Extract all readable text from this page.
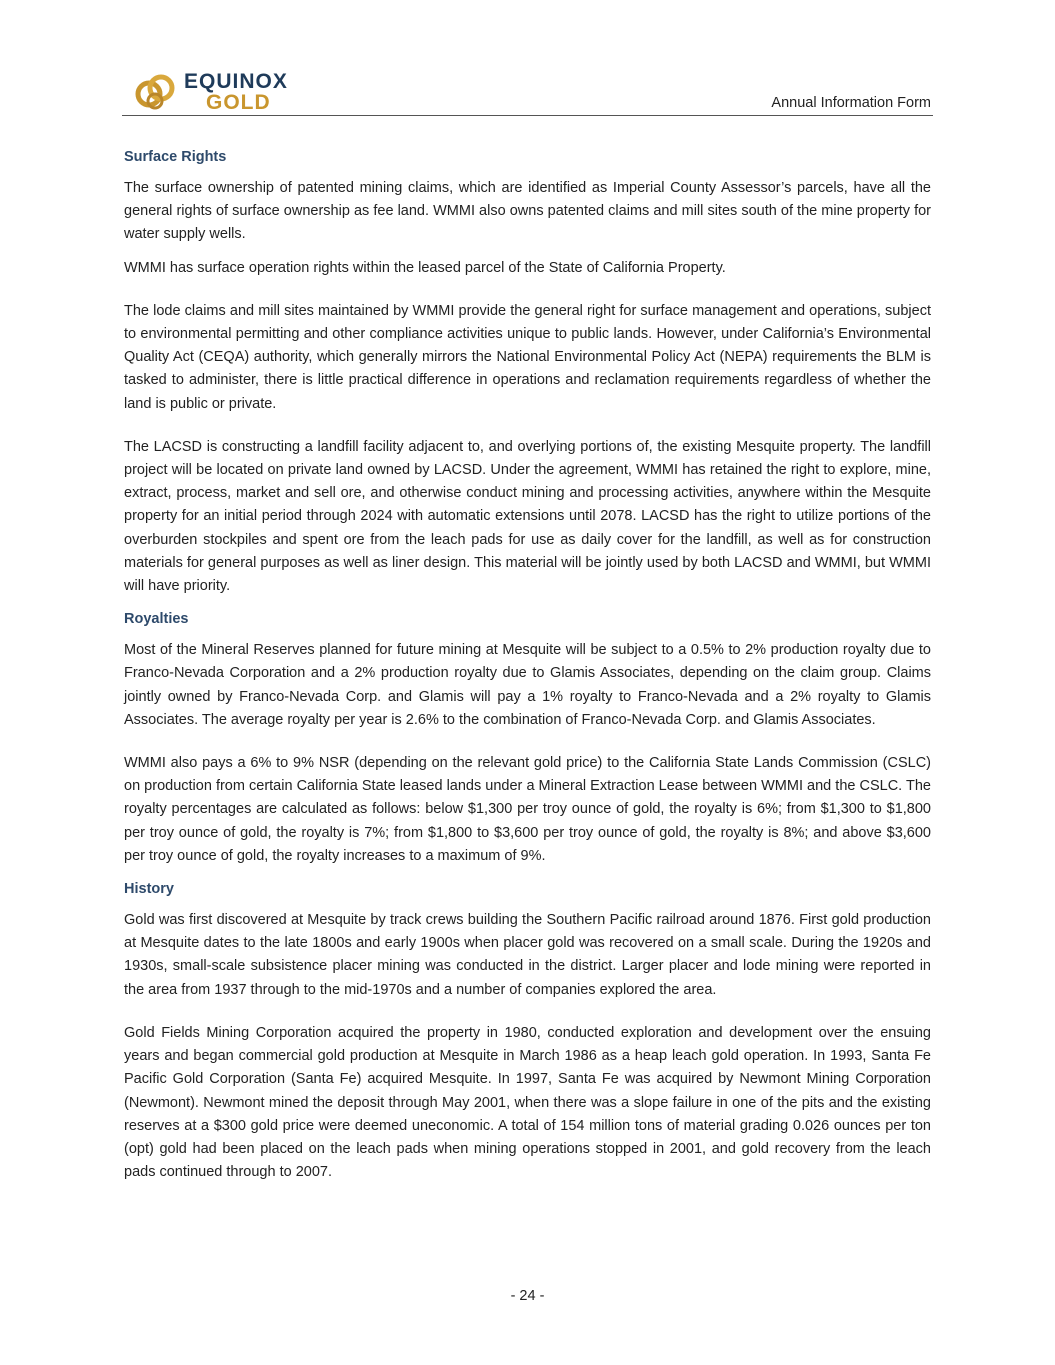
EQUINOX
GOLD	Annual Information Form
Surface Rights

The surface ownership of patented mining claims, which are identified as Imperial County Assessor’s parcels, have all the general rights of surface ownership as fee land. WMMI also owns patented claims and mill sites south of the mine property for water supply wells.

WMMI has surface operation rights within the leased parcel of the State of California Property.

The lode claims and mill sites maintained by WMMI provide the general right for surface management and operations, subject to environmental permitting and other compliance activities unique to public lands. However, under California’s Environmental Quality Act (CEQA) authority, which generally mirrors the National Environmental Policy Act (NEPA) requirements the BLM is tasked to administer, there is little practical difference in operations and reclamation requirements regardless of whether the land is public or private.

The LACSD is constructing a landfill facility adjacent to, and overlying portions of, the existing Mesquite property. The landfill project will be located on private land owned by LACSD. Under the agreement, WMMI has retained the right to explore, mine, extract, process, market and sell ore, and otherwise conduct mining and processing activities, anywhere within the Mesquite property for an initial period through 2024 with automatic extensions until 2078. LACSD has the right to utilize portions of the overburden stockpiles and spent ore from the leach pads for use as daily cover for the landfill, as well as for construction materials for general purposes as well as liner design. This material will be jointly used by both LACSD and WMMI, but WMMI will have priority.

Royalties

Most of the Mineral Reserves planned for future mining at Mesquite will be subject to a 0.5% to 2% production royalty due to Franco-Nevada Corporation and a 2% production royalty due to Glamis Associates, depending on the claim group. Claims jointly owned by Franco-Nevada Corp. and Glamis will pay a 1% royalty to Franco-Nevada and a 2% royalty to Glamis Associates. The average royalty per year is 2.6% to the combination of Franco-Nevada Corp. and Glamis Associates.

WMMI also pays a 6% to 9% NSR (depending on the relevant gold price) to the California State Lands Commission (CSLC) on production from certain California State leased lands under a Mineral Extraction Lease between WMMI and the CSLC. The royalty percentages are calculated as follows: below $1,300 per troy ounce of gold, the royalty is 6%; from $1,300 to $1,800 per troy ounce of gold, the royalty is 7%; from $1,800 to $3,600 per troy ounce of gold, the royalty is 8%; and above $3,600 per troy ounce of gold, the royalty increases to a maximum of 9%.

History

Gold was first discovered at Mesquite by track crews building the Southern Pacific railroad around 1876. First gold production at Mesquite dates to the late 1800s and early 1900s when placer gold was recovered on a small scale. During the 1920s and 1930s, small-scale subsistence placer mining was conducted in the district. Larger placer and lode mining were reported in the area from 1937 through to the mid-1970s and a number of companies explored the area.

Gold Fields Mining Corporation acquired the property in 1980, conducted exploration and development over the ensuing years and began commercial gold production at Mesquite in March 1986 as a heap leach gold operation. In 1993, Santa Fe Pacific Gold Corporation (Santa Fe) acquired Mesquite. In 1997, Santa Fe was acquired by Newmont Mining Corporation (Newmont). Newmont mined the deposit through May 2001, when there was a slope failure in one of the pits and the existing reserves at a $300 gold price were deemed uneconomic. A total of 154 million tons of material grading 0.026 ounces per ton (opt) gold had been placed on the leach pads when mining operations stopped in 2001, and gold recovery from the leach pads continued through to 2007.

- 24 -
